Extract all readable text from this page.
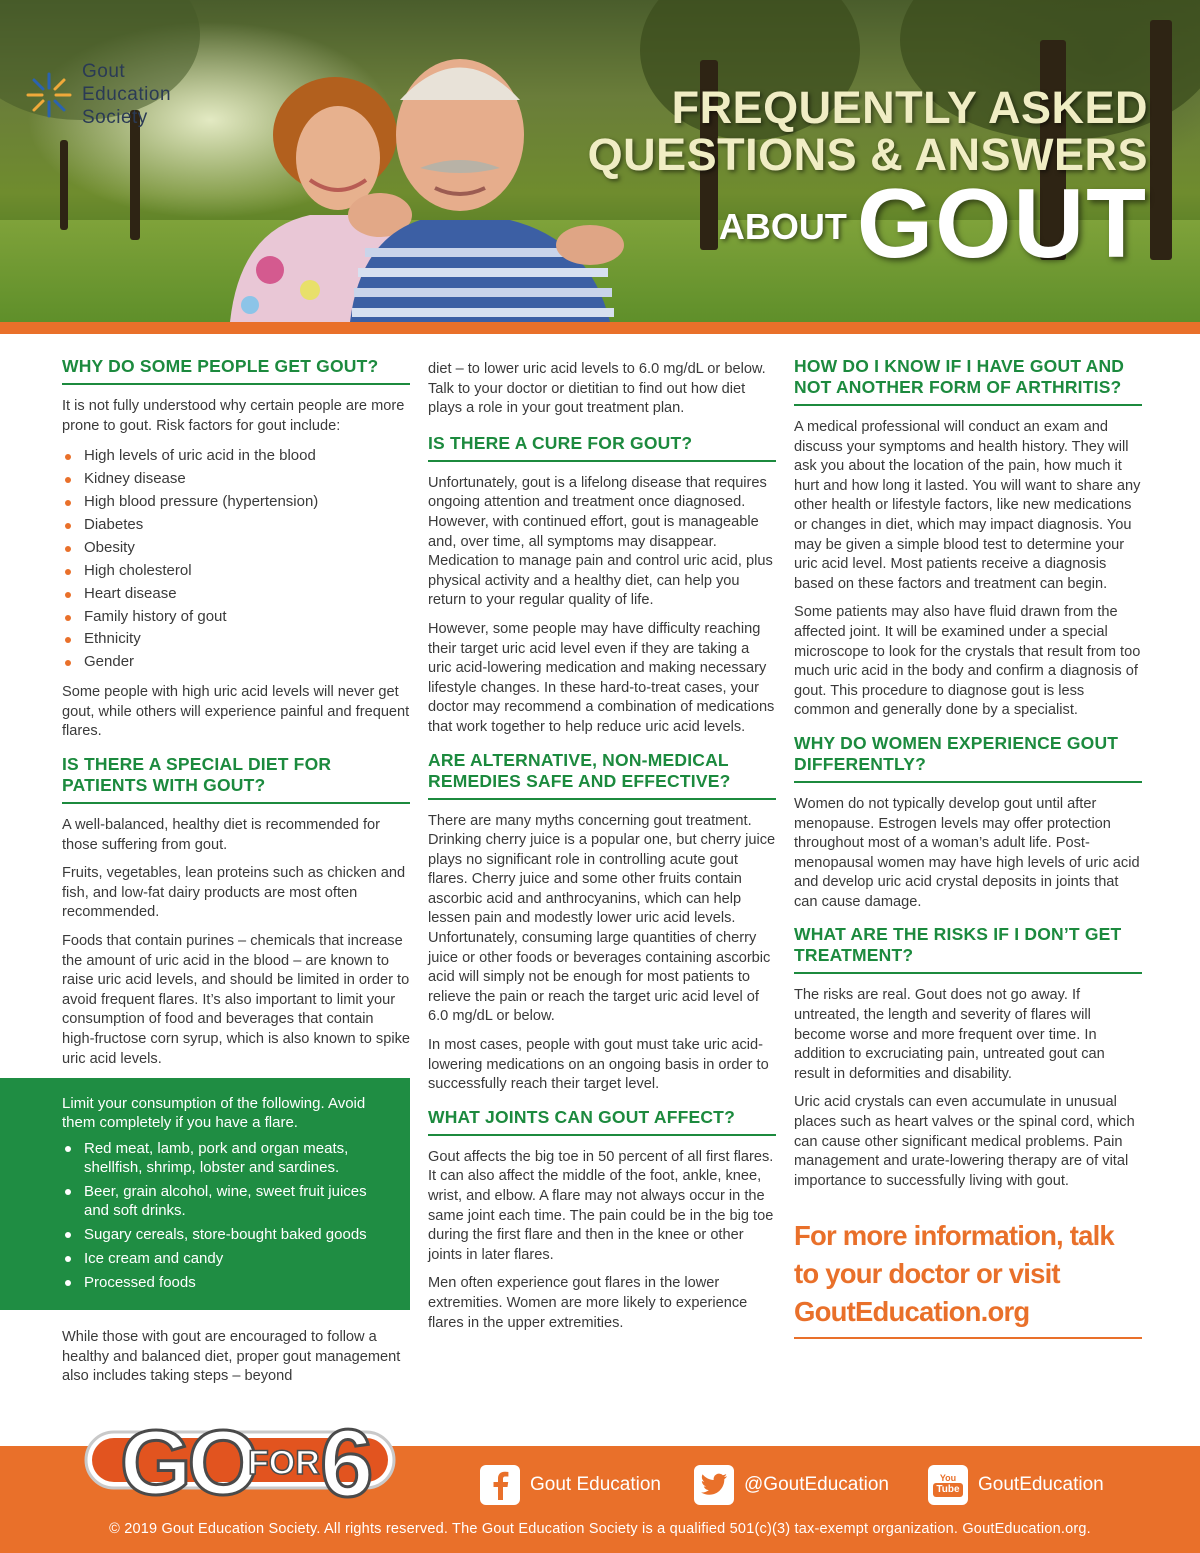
Gout
Education
Society	FREQUENTLY ASKED
QUESTIONS & ANSWERS
ABOUT GOUT
WHY DO SOME PEOPLE GET GOUT?

It is not fully understood why certain people are more prone to gout. Risk factors for gout include:

High levels of uric acid in the blood
Kidney disease
High blood pressure (hypertension)
Diabetes
Obesity
High cholesterol
Heart disease
Family history of gout
Ethnicity
Gender

Some people with high uric acid levels will never get gout, while others will experience painful and frequent flares.

IS THERE A SPECIAL DIET FOR PATIENTS WITH GOUT?

A well-balanced, healthy diet is recommended for those suffering from gout.

Fruits, vegetables, lean proteins such as chicken and fish, and low-fat dairy products are most often recommended.

Foods that contain purines – chemicals that increase the amount of uric acid in the blood – are known to raise uric acid levels, and should be limited in order to avoid frequent flares. It’s also important to limit your consumption of food and beverages that contain high-fructose corn syrup, which is also known to spike uric acid levels.

Limit your consumption of the following. Avoid them completely if you have a flare.

Red meat, lamb, pork and organ meats, shellfish, shrimp, lobster and sardines.
Beer, grain alcohol, wine, sweet fruit juices and soft drinks.
Sugary cereals, store-bought baked goods
Ice cream and candy
Processed foods

While those with gout are encouraged to follow a healthy and balanced diet, proper gout management also includes taking steps – beyond

diet – to lower uric acid levels to 6.0 mg/dL or below. Talk to your doctor or dietitian to find out how diet plays a role in your gout treatment plan.

IS THERE A CURE FOR GOUT?

Unfortunately, gout is a lifelong disease that requires ongoing attention and treatment once diagnosed. However, with continued effort, gout is manageable and, over time, all symptoms may disappear. Medication to manage pain and control uric acid, plus physical activity and a healthy diet, can help you return to your regular quality of life.

However, some people may have difficulty reaching their target uric acid level even if they are taking a uric acid-lowering medication and making necessary lifestyle changes. In these hard-to-treat cases, your doctor may recommend a combination of medications that work together to help reduce uric acid levels.

ARE ALTERNATIVE, NON-MEDICAL REMEDIES SAFE AND EFFECTIVE?

There are many myths concerning gout treatment. Drinking cherry juice is a popular one, but cherry juice plays no significant role in controlling acute gout flares. Cherry juice and some other fruits contain ascorbic acid and anthrocyanins, which can help lessen pain and modestly lower uric acid levels. Unfortunately, consuming large quantities of cherry juice or other foods or beverages containing ascorbic acid will simply not be enough for most patients to relieve the pain or reach the target uric acid level of 6.0 mg/dL or below.

In most cases, people with gout must take uric acid-lowering medications on an ongoing basis in order to successfully reach their target level.

WHAT JOINTS CAN GOUT AFFECT?

Gout affects the big toe in 50 percent of all first flares. It can also affect the middle of the foot, ankle, knee, wrist, and elbow. A flare may not always occur in the same joint each time. The pain could be in the big toe during the first flare and then in the knee or other joints in later flares.

Men often experience gout flares in the lower extremities. Women are more likely to experience flares in the upper extremities.

HOW DO I KNOW IF I HAVE GOUT AND NOT ANOTHER FORM OF ARTHRITIS?

A medical professional will conduct an exam and discuss your symptoms and health history. They will ask you about the location of the pain, how much it hurt and how long it lasted. You will want to share any other health or lifestyle factors, like new medications or changes in diet, which may impact diagnosis. You may be given a simple blood test to determine your uric acid level. Most patients receive a diagnosis based on these factors and treatment can begin.

Some patients may also have fluid drawn from the affected joint. It will be examined under a special microscope to look for the crystals that result from too much uric acid in the body and confirm a diagnosis of gout. This procedure to diagnose gout is less common and generally done by a specialist.

WHY DO WOMEN EXPERIENCE GOUT DIFFERENTLY?

Women do not typically develop gout until after menopause. Estrogen levels may offer protection throughout most of a woman’s adult life. Post-menopausal women may have high levels of uric acid and develop uric acid crystal deposits in joints that can cause damage.

WHAT ARE THE RISKS IF I DON’T GET TREATMENT?

The risks are real. Gout does not go away. If untreated, the length and severity of flares will become worse and more frequent over time. In addition to excruciating pain, untreated gout can result in deformities and disability.

Uric acid crystals can even accumulate in unusual places such as heart valves or the spinal cord, which can cause other significant medical problems. Pain management and urate-lowering therapy are of vital importance to successfully living with gout.

For more information, talk to your doctor or visit GoutEducation.org
GO
FOR 6	Gout Education	@GoutEducation	You
Tube GoutEducation
© 2019 Gout Education Society. All rights reserved. The Gout Education Society is a qualified 501(c)(3) tax-exempt organization. GoutEducation.org.
